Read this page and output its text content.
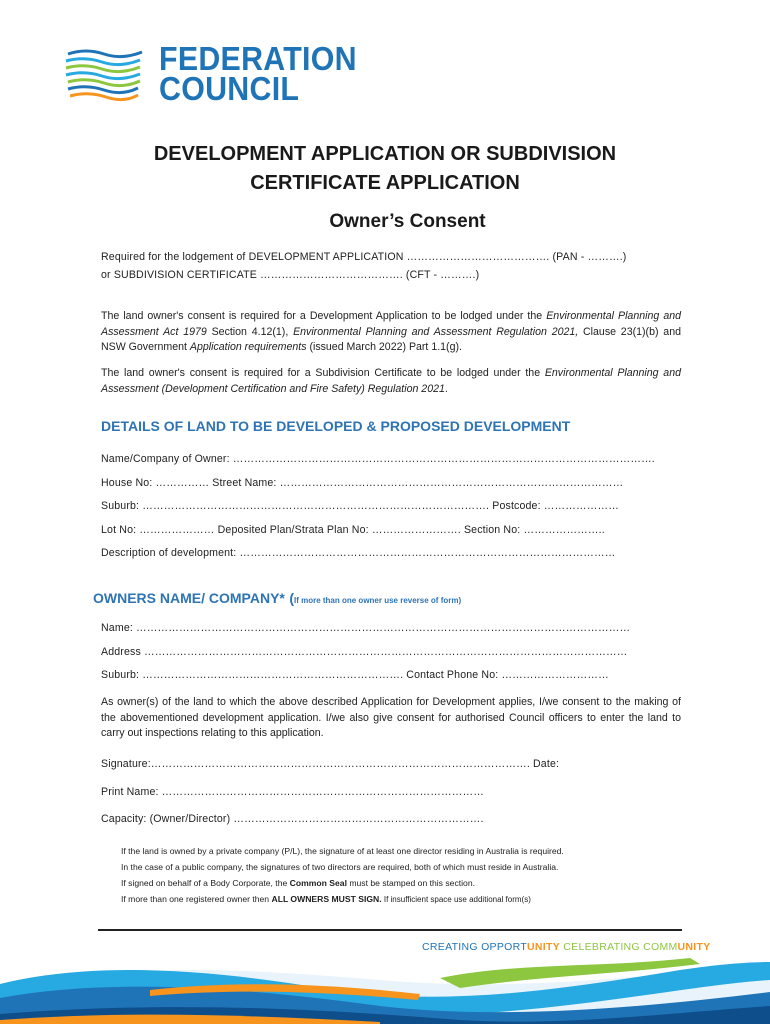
FEDERATION
COUNCIL
DEVELOPMENT APPLICATION OR SUBDIVISION
CERTIFICATE APPLICATION
Owner’s Consent
Required for the lodgement of DEVELOPMENT APPLICATION …………………………………. (PAN - ……….)
or SUBDIVISION CERTIFICATE …………………………………. (CFT - ……….)
The land owner's consent is required for a Development Application to be lodged under the Environmental Planning and Assessment Act 1979 Section 4.12(1), Environmental Planning and Assessment Regulation 2021, Clause 23(1)(b) and NSW Government Application requirements (issued March 2022) Part 1.1(g).
The land owner's consent is required for a Subdivision Certificate to be lodged under the Environmental Planning and Assessment (Development Certification and Fire Safety) Regulation 2021.
DETAILS OF LAND TO BE DEVELOPED & PROPOSED DEVELOPMENT
Name/Company of Owner: ……………………………………………………………………………………………………….
House No: …………… Street Name: ……………………………………………………………………………………
Suburb: ……………………………………………………………………………………. Postcode: …………………
Lot No: ………………… Deposited Plan/Strata Plan No: ……………………. Section No: …………………..
Description of development: ……………………………………………………………………………………………
OWNERS NAME/ COMPANY* (If more than one owner use reverse of form)
Name: …………………………………………………………………………………………………………………………
Address ………………………………………………………………………………………………………………………
Suburb: ………………………………………………………………. Contact Phone No: …………………………
As owner(s) of the land to which the above described Application for Development applies, I/we consent to the making of the abovementioned development application. I/we also give consent for authorised Council officers to enter the land to carry out inspections relating to this application.
Signature:……………………………………………………………………………………………. Date:
Print Name: ………………………………………………………………………………
Capacity: (Owner/Director) …………………………………………………………….
If the land is owned by a private company (P/L), the signature of at least one director residing in Australia is required.
In the case of a public company, the signatures of two directors are required, both of which must reside in Australia.
If signed on behalf of a Body Corporate, the Common Seal must be stamped on this section.
If more than one registered owner then ALL OWNERS MUST SIGN. If insufficient space use additional form(s)
CREATING OPPORTUNITY CELEBRATING COMMUNITY
